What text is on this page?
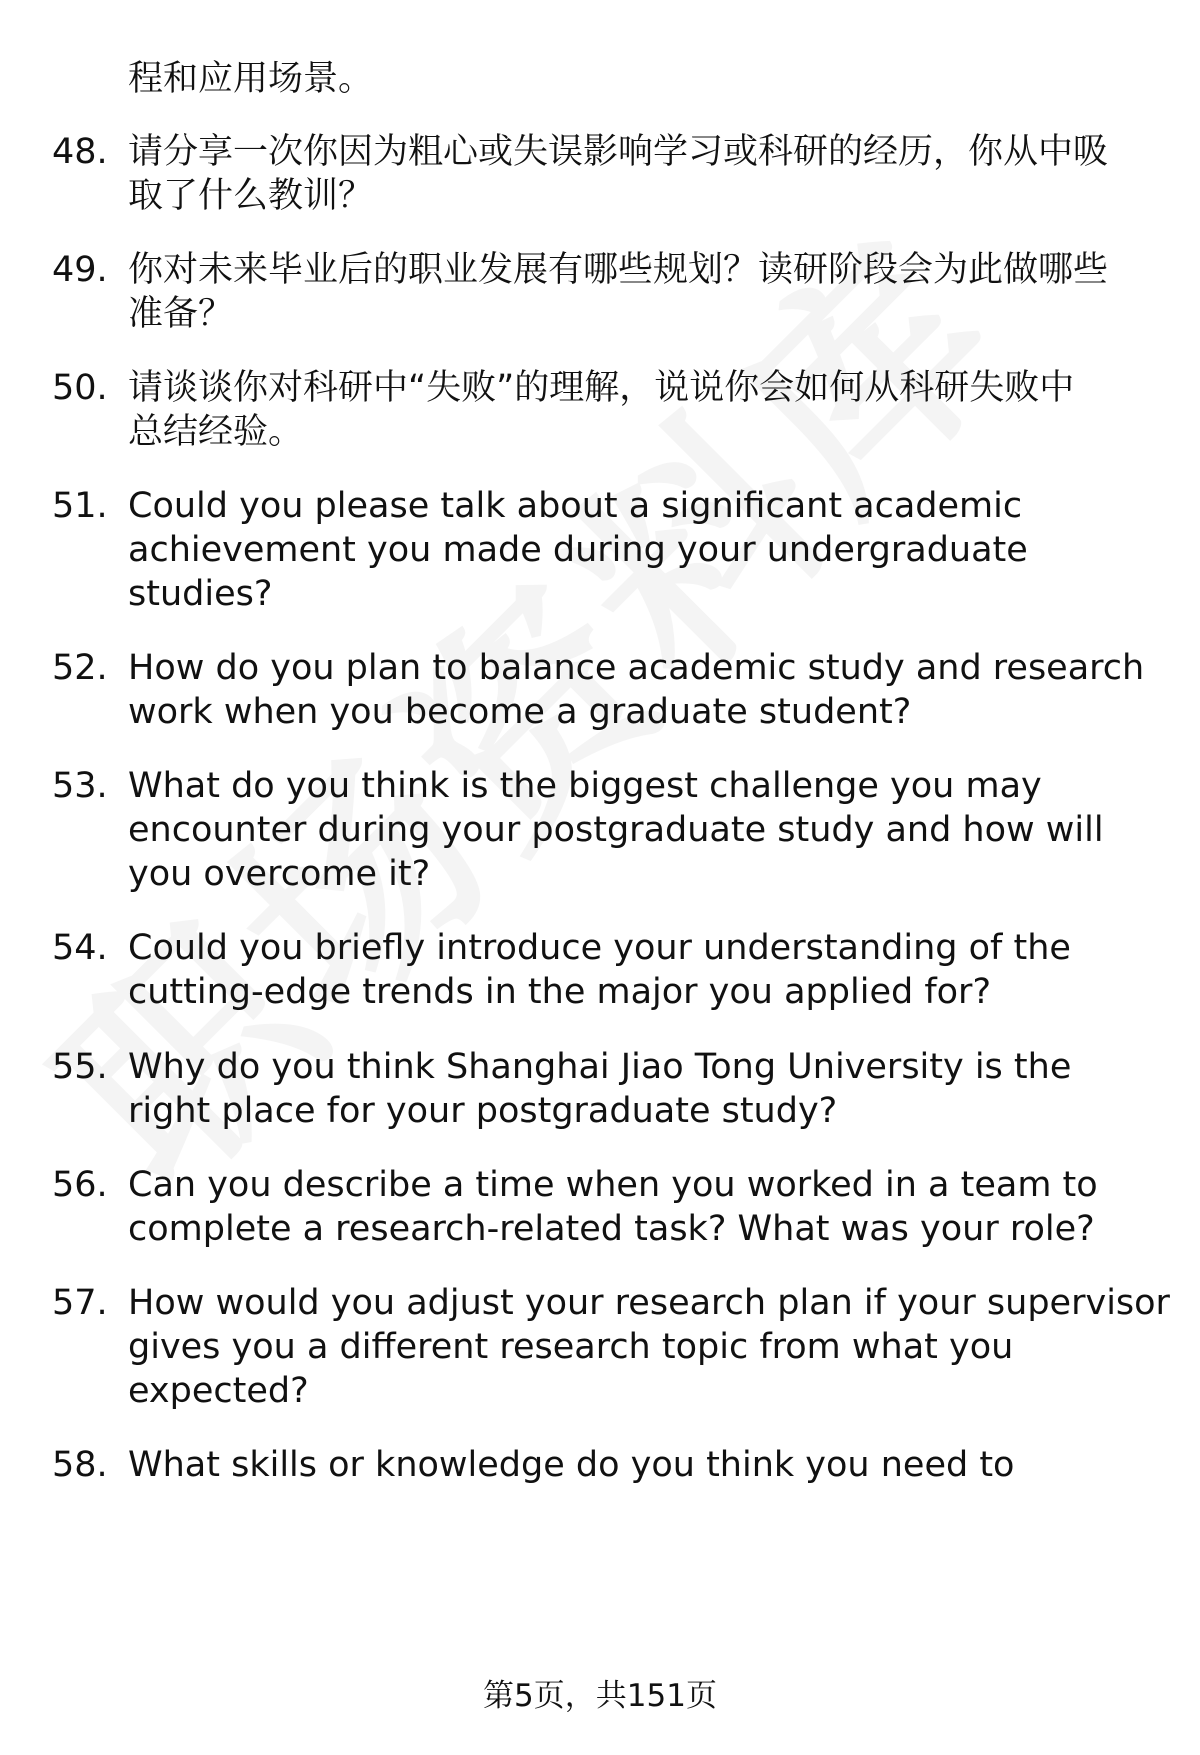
程和应用场景。
48. 请分享一次你因为粗心或失误影响学习或科研的经历，你从中吸
取了什么教训？
49. 你对未来毕业后的职业发展有哪些规划？读研阶段会为此做哪些
准备？
50. 请谈谈你对科研中“失败”的理解，说说你会如何从科研失败中
总结经验。
51. Could you please talk about a significant academic
achievement you made during your undergraduate
studies?
52. How do you plan to balance academic study and research
work when you become a graduate student?
53. What do you think is the biggest challenge you may
encounter during your postgraduate study and how will
you overcome it?
54. Could you briefly introduce your understanding of the
cutting-edge trends in the major you applied for?
55. Why do you think Shanghai Jiao Tong University is the
right place for your postgraduate study?
56. Can you describe a time when you worked in a team to
complete a research-related task? What was your role?
57. How would you adjust your research plan if your supervisor
gives you a different research topic from what you
expected?
58. What skills or knowledge do you think you need to
第5页，共151页
